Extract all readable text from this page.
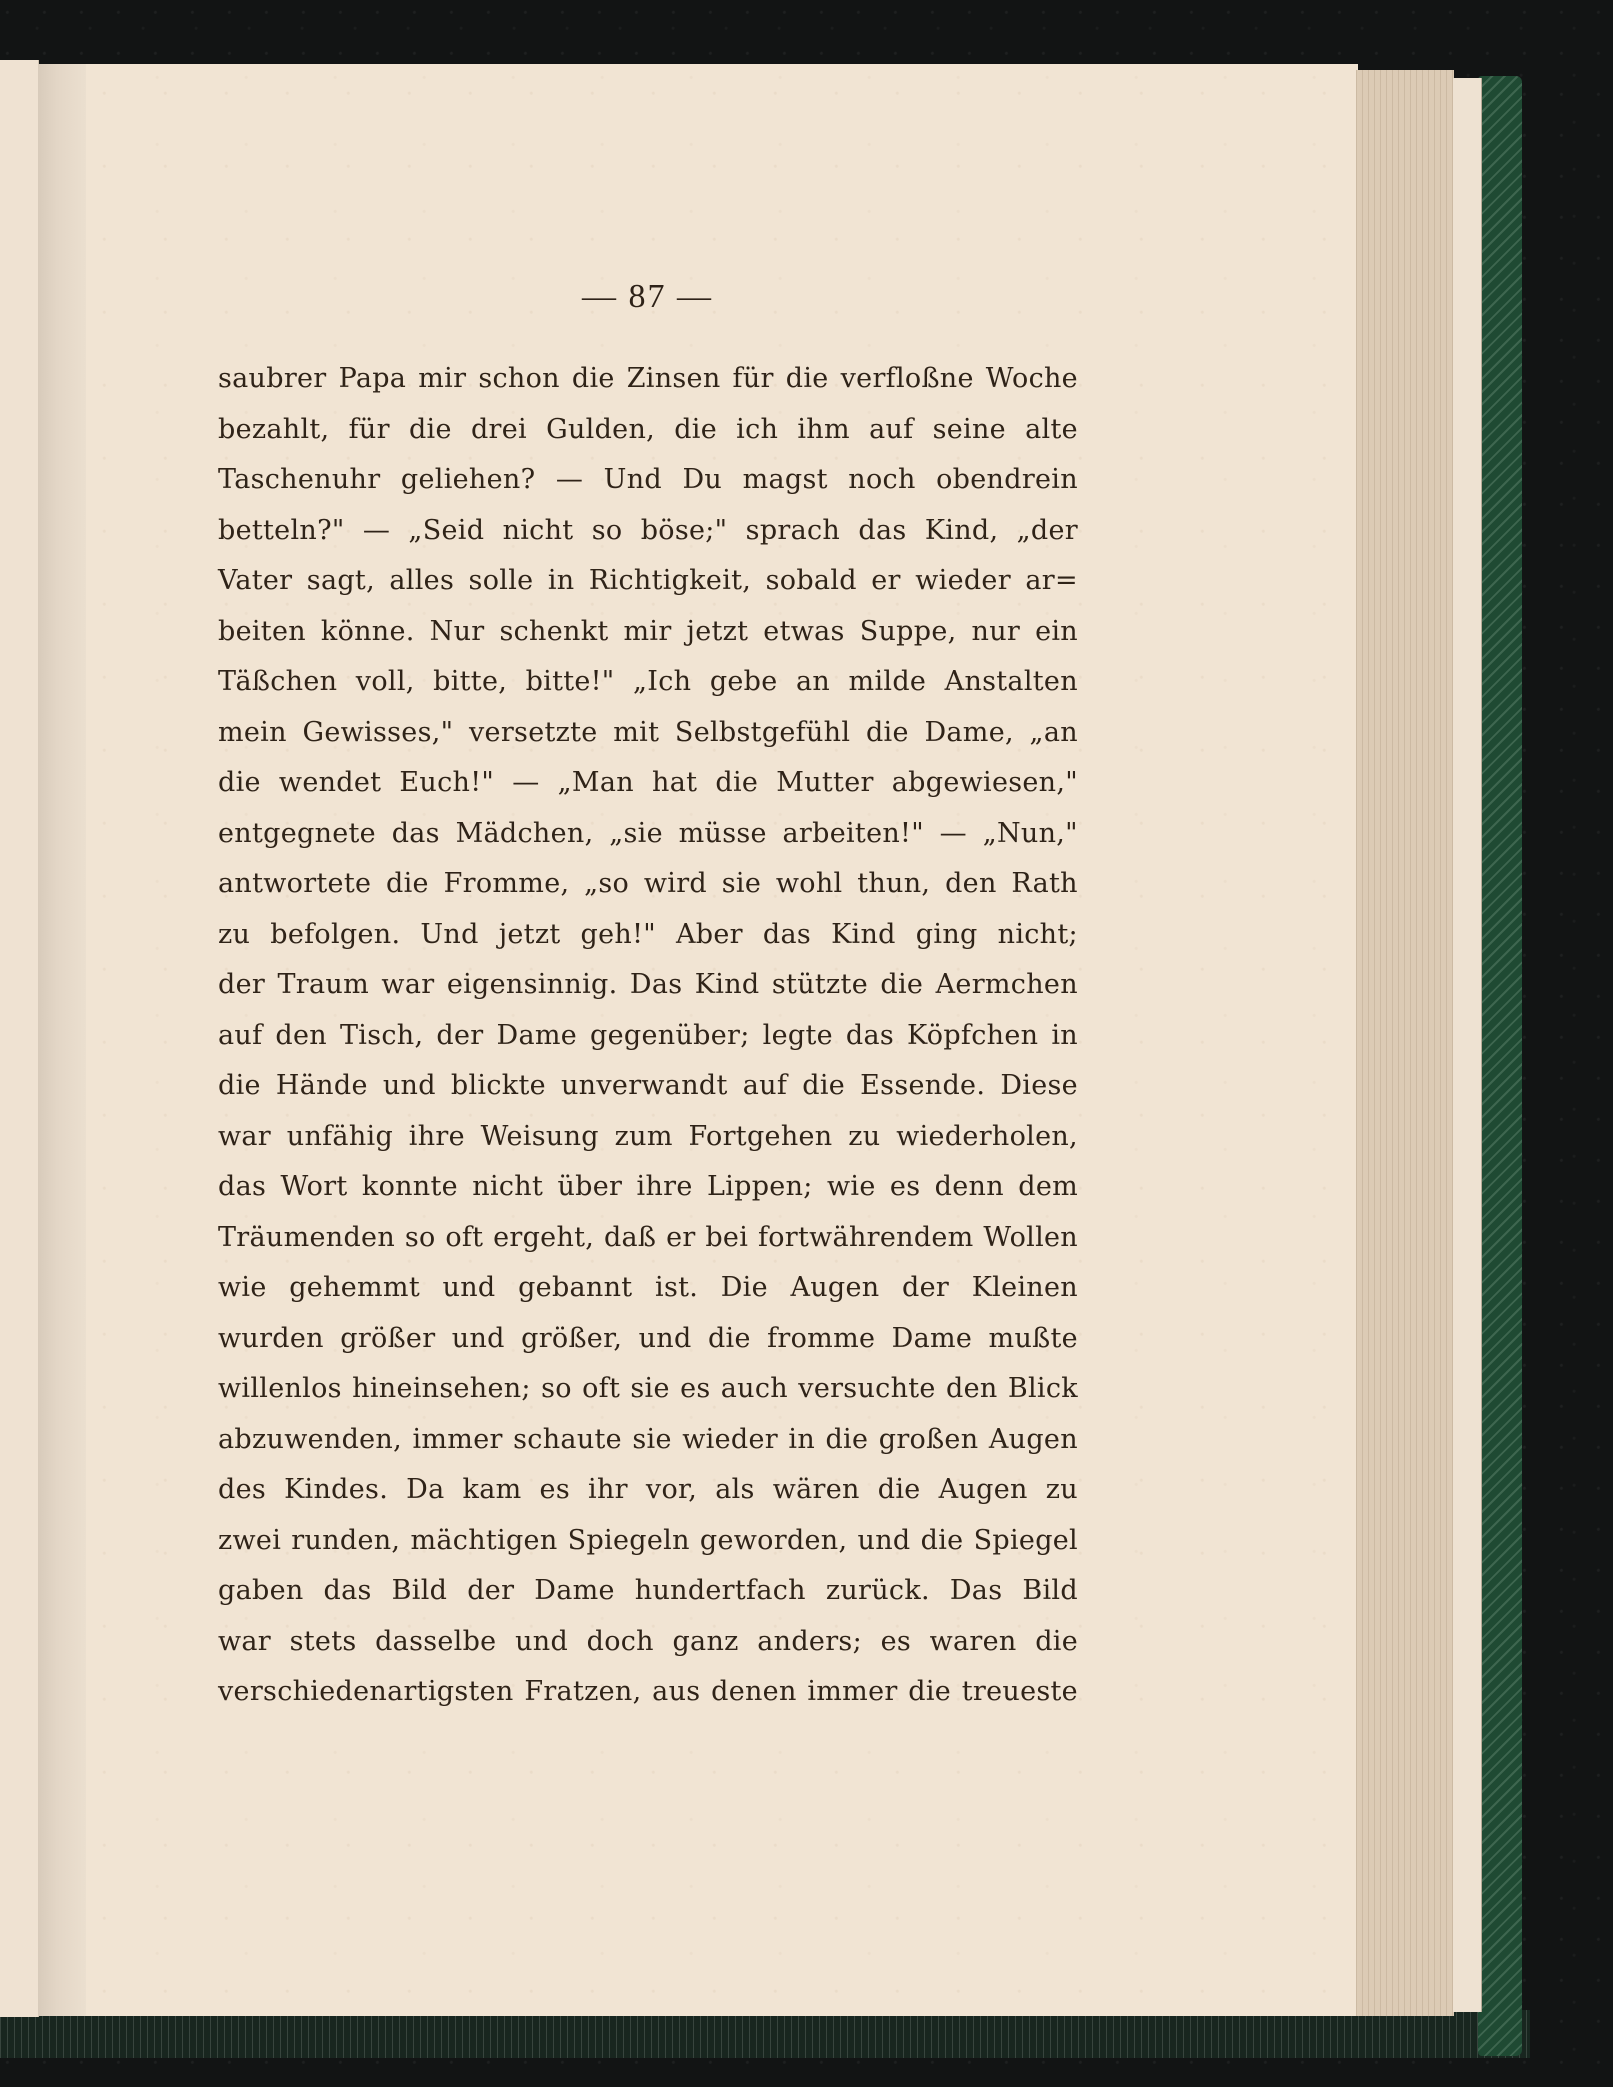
— 87 —
saubrer Papa mir schon die Zinsen für die verfloßne Woche
bezahlt, für die drei Gulden, die ich ihm auf seine alte
Taschenuhr geliehen? — Und Du magst noch obendrein
betteln?" — „Seid nicht so böse;" sprach das Kind, „der
Vater sagt, alles solle in Richtigkeit, sobald er wieder ar=
beiten könne. Nur schenkt mir jetzt etwas Suppe, nur ein
Täßchen voll, bitte, bitte!" „Ich gebe an milde Anstalten
mein Gewisses," versetzte mit Selbstgefühl die Dame, „an
die wendet Euch!" — „Man hat die Mutter abgewiesen,"
entgegnete das Mädchen, „sie müsse arbeiten!" — „Nun,"
antwortete die Fromme, „so wird sie wohl thun, den Rath
zu befolgen. Und jetzt geh!" Aber das Kind ging nicht;
der Traum war eigensinnig. Das Kind stützte die Aermchen
auf den Tisch, der Dame gegenüber; legte das Köpfchen in
die Hände und blickte unverwandt auf die Essende. Diese
war unfähig ihre Weisung zum Fortgehen zu wiederholen,
das Wort konnte nicht über ihre Lippen; wie es denn dem
Träumenden so oft ergeht, daß er bei fortwährendem Wollen
wie gehemmt und gebannt ist. Die Augen der Kleinen
wurden größer und größer, und die fromme Dame mußte
willenlos hineinsehen; so oft sie es auch versuchte den Blick
abzuwenden, immer schaute sie wieder in die großen Augen
des Kindes. Da kam es ihr vor, als wären die Augen zu
zwei runden, mächtigen Spiegeln geworden, und die Spiegel
gaben das Bild der Dame hundertfach zurück. Das Bild
war stets dasselbe und doch ganz anders; es waren die
verschiedenartigsten Fratzen, aus denen immer die treueste
